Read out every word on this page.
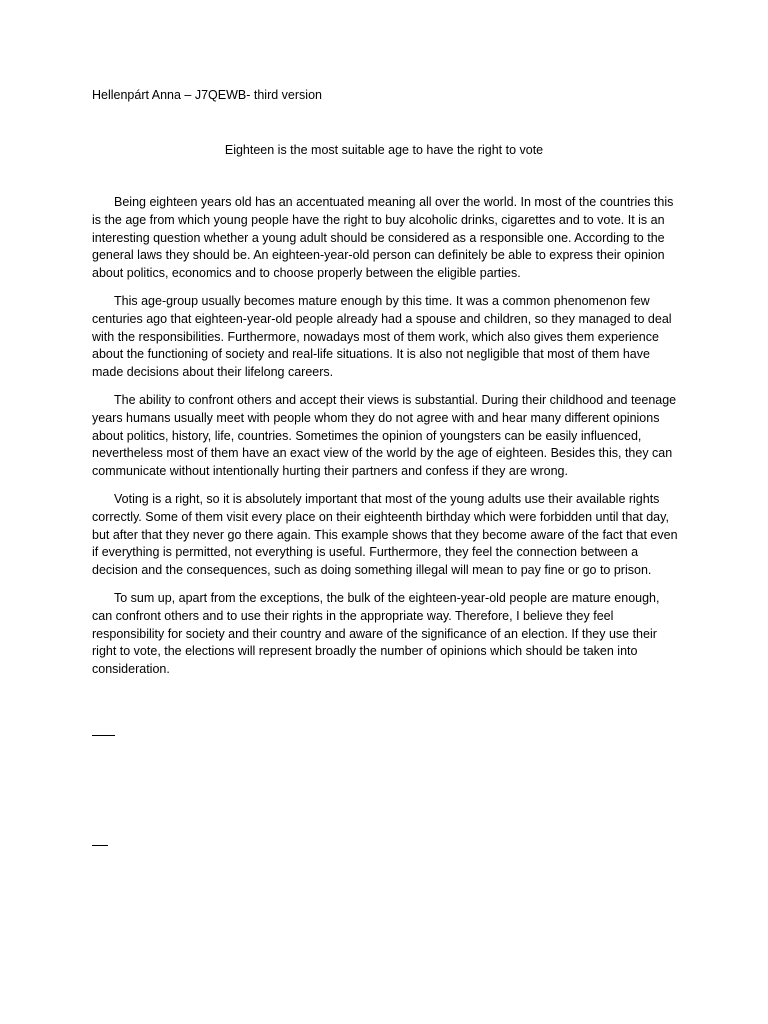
Hellenpárt Anna – J7QEWB- third version
Eighteen is the most suitable age to have the right to vote

Being eighteen years old has an accentuated meaning all over the world. In most of the countries this is the age from which young people have the right to buy alcoholic drinks, cigarettes and to vote. It is an interesting question whether a young adult should be considered as a responsible one. According to the general laws they should be. An eighteen-year-old person can definitely be able to express their opinion about politics, economics and to choose properly between the eligible parties.

This age-group usually becomes mature enough by this time. It was a common phenomenon few centuries ago that eighteen-year-old people already had a spouse and children, so they managed to deal with the responsibilities. Furthermore, nowadays most of them work, which also gives them experience about the functioning of society and real-life situations. It is also not negligible that most of them have made decisions about their lifelong careers.

The ability to confront others and accept their views is substantial. During their childhood and teenage years humans usually meet with people whom they do not agree with and hear many different opinions about politics, history, life, countries. Sometimes the opinion of youngsters can be easily influenced, nevertheless most of them have an exact view of the world by the age of eighteen. Besides this, they can communicate without intentionally hurting their partners and confess if they are wrong.

Voting is a right, so it is absolutely important that most of the young adults use their available rights correctly. Some of them visit every place on their eighteenth birthday which were forbidden until that day, but after that they never go there again. This example shows that they become aware of the fact that even if everything is permitted, not everything is useful. Furthermore, they feel the connection between a decision and the consequences, such as doing something illegal will mean to pay fine or go to prison.

To sum up, apart from the exceptions, the bulk of the eighteen-year-old people are mature enough, can confront others and to use their rights in the appropriate way. Therefore, I believe they feel responsibility for society and their country and aware of the significance of an election. If they use their right to vote, the elections will represent broadly the number of opinions which should be taken into consideration.
